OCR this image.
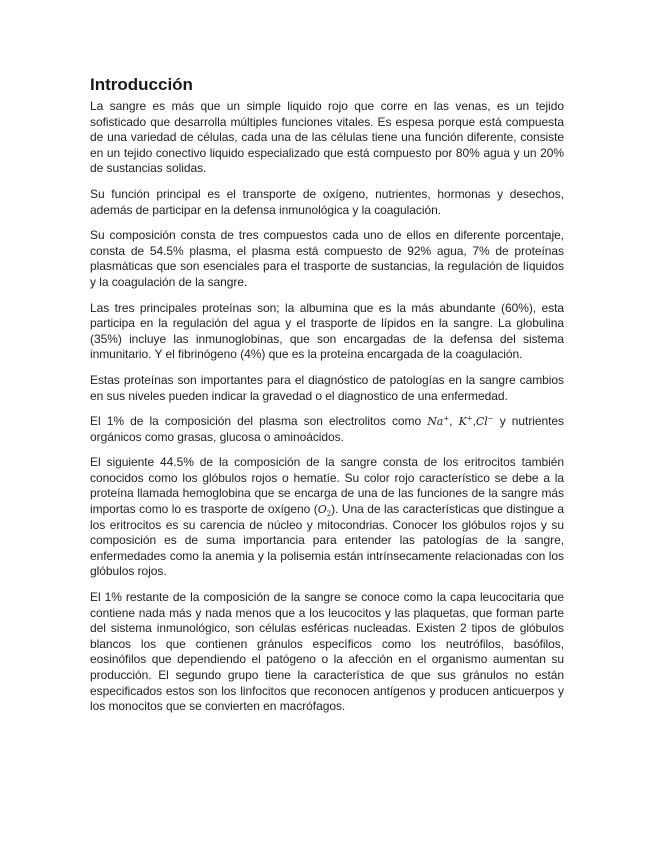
Introducción

La sangre es más que un simple liquido rojo que corre en las venas, es un tejido sofisticado que desarrolla múltiples funciones vitales. Es espesa porque está compuesta de una variedad de células, cada una de las células tiene una función diferente, consiste en un tejido conectivo liquido especializado que está compuesto por 80% agua y un 20% de sustancias solidas.

Su función principal es el transporte de oxígeno, nutrientes, hormonas y desechos, además de participar en la defensa inmunológica y la coagulación.

Su composición consta de tres compuestos cada uno de ellos en diferente porcentaje, consta de 54.5% plasma, el plasma está compuesto de 92% agua, 7% de proteínas plasmáticas que son esenciales para el trasporte de sustancias, la regulación de líquidos y la coagulación de la sangre.

Las tres principales proteínas son; la albumina que es la más abundante (60%), esta participa en la regulación del agua y el trasporte de lípidos en la sangre. La globulina (35%) incluye las inmunoglobinas, que son encargadas de la defensa del sistema inmunitario. Y el fibrinógeno (4%) que es la proteína encargada de la coagulación.

Estas proteínas son importantes para el diagnóstico de patologías en la sangre cambios en sus niveles pueden indicar la gravedad o el diagnostico de una enfermedad.

El 1% de la composición del plasma son electrolitos como Na+, K+,Cl− y nutrientes orgánicos como grasas, glucosa o aminoácidos.

El siguiente 44.5% de la composición de la sangre consta de los eritrocitos también conocidos como los glóbulos rojos o hematíe. Su color rojo característico se debe a la proteína llamada hemoglobina que se encarga de una de las funciones de la sangre más importas como lo es trasporte de oxígeno $(O_2)$. Una de las características que distingue a los eritrocitos es su carencia de núcleo y mitocondrias. Conocer los glóbulos rojos y su composición es de suma importancia para entender las patologías de la sangre, enfermedades como la anemia y la polisemia están intrínsecamente relacionadas con los glóbulos rojos.

El 1% restante de la composición de la sangre se conoce como la capa leucocitaria que contiene nada más y nada menos que a los leucocitos y las plaquetas, que forman parte del sistema inmunológico, son células esféricas nucleadas. Existen 2 tipos de glóbulos blancos los que contienen gránulos específicos como los neutrófilos, basófilos, eosinófilos que dependiendo el patógeno o la afección en el organismo aumentan su producción. El segundo grupo tiene la característica de que sus gránulos no están especificados estos son los linfocitos que reconocen antígenos y producen anticuerpos y los monocitos que se convierten en macrófagos.
